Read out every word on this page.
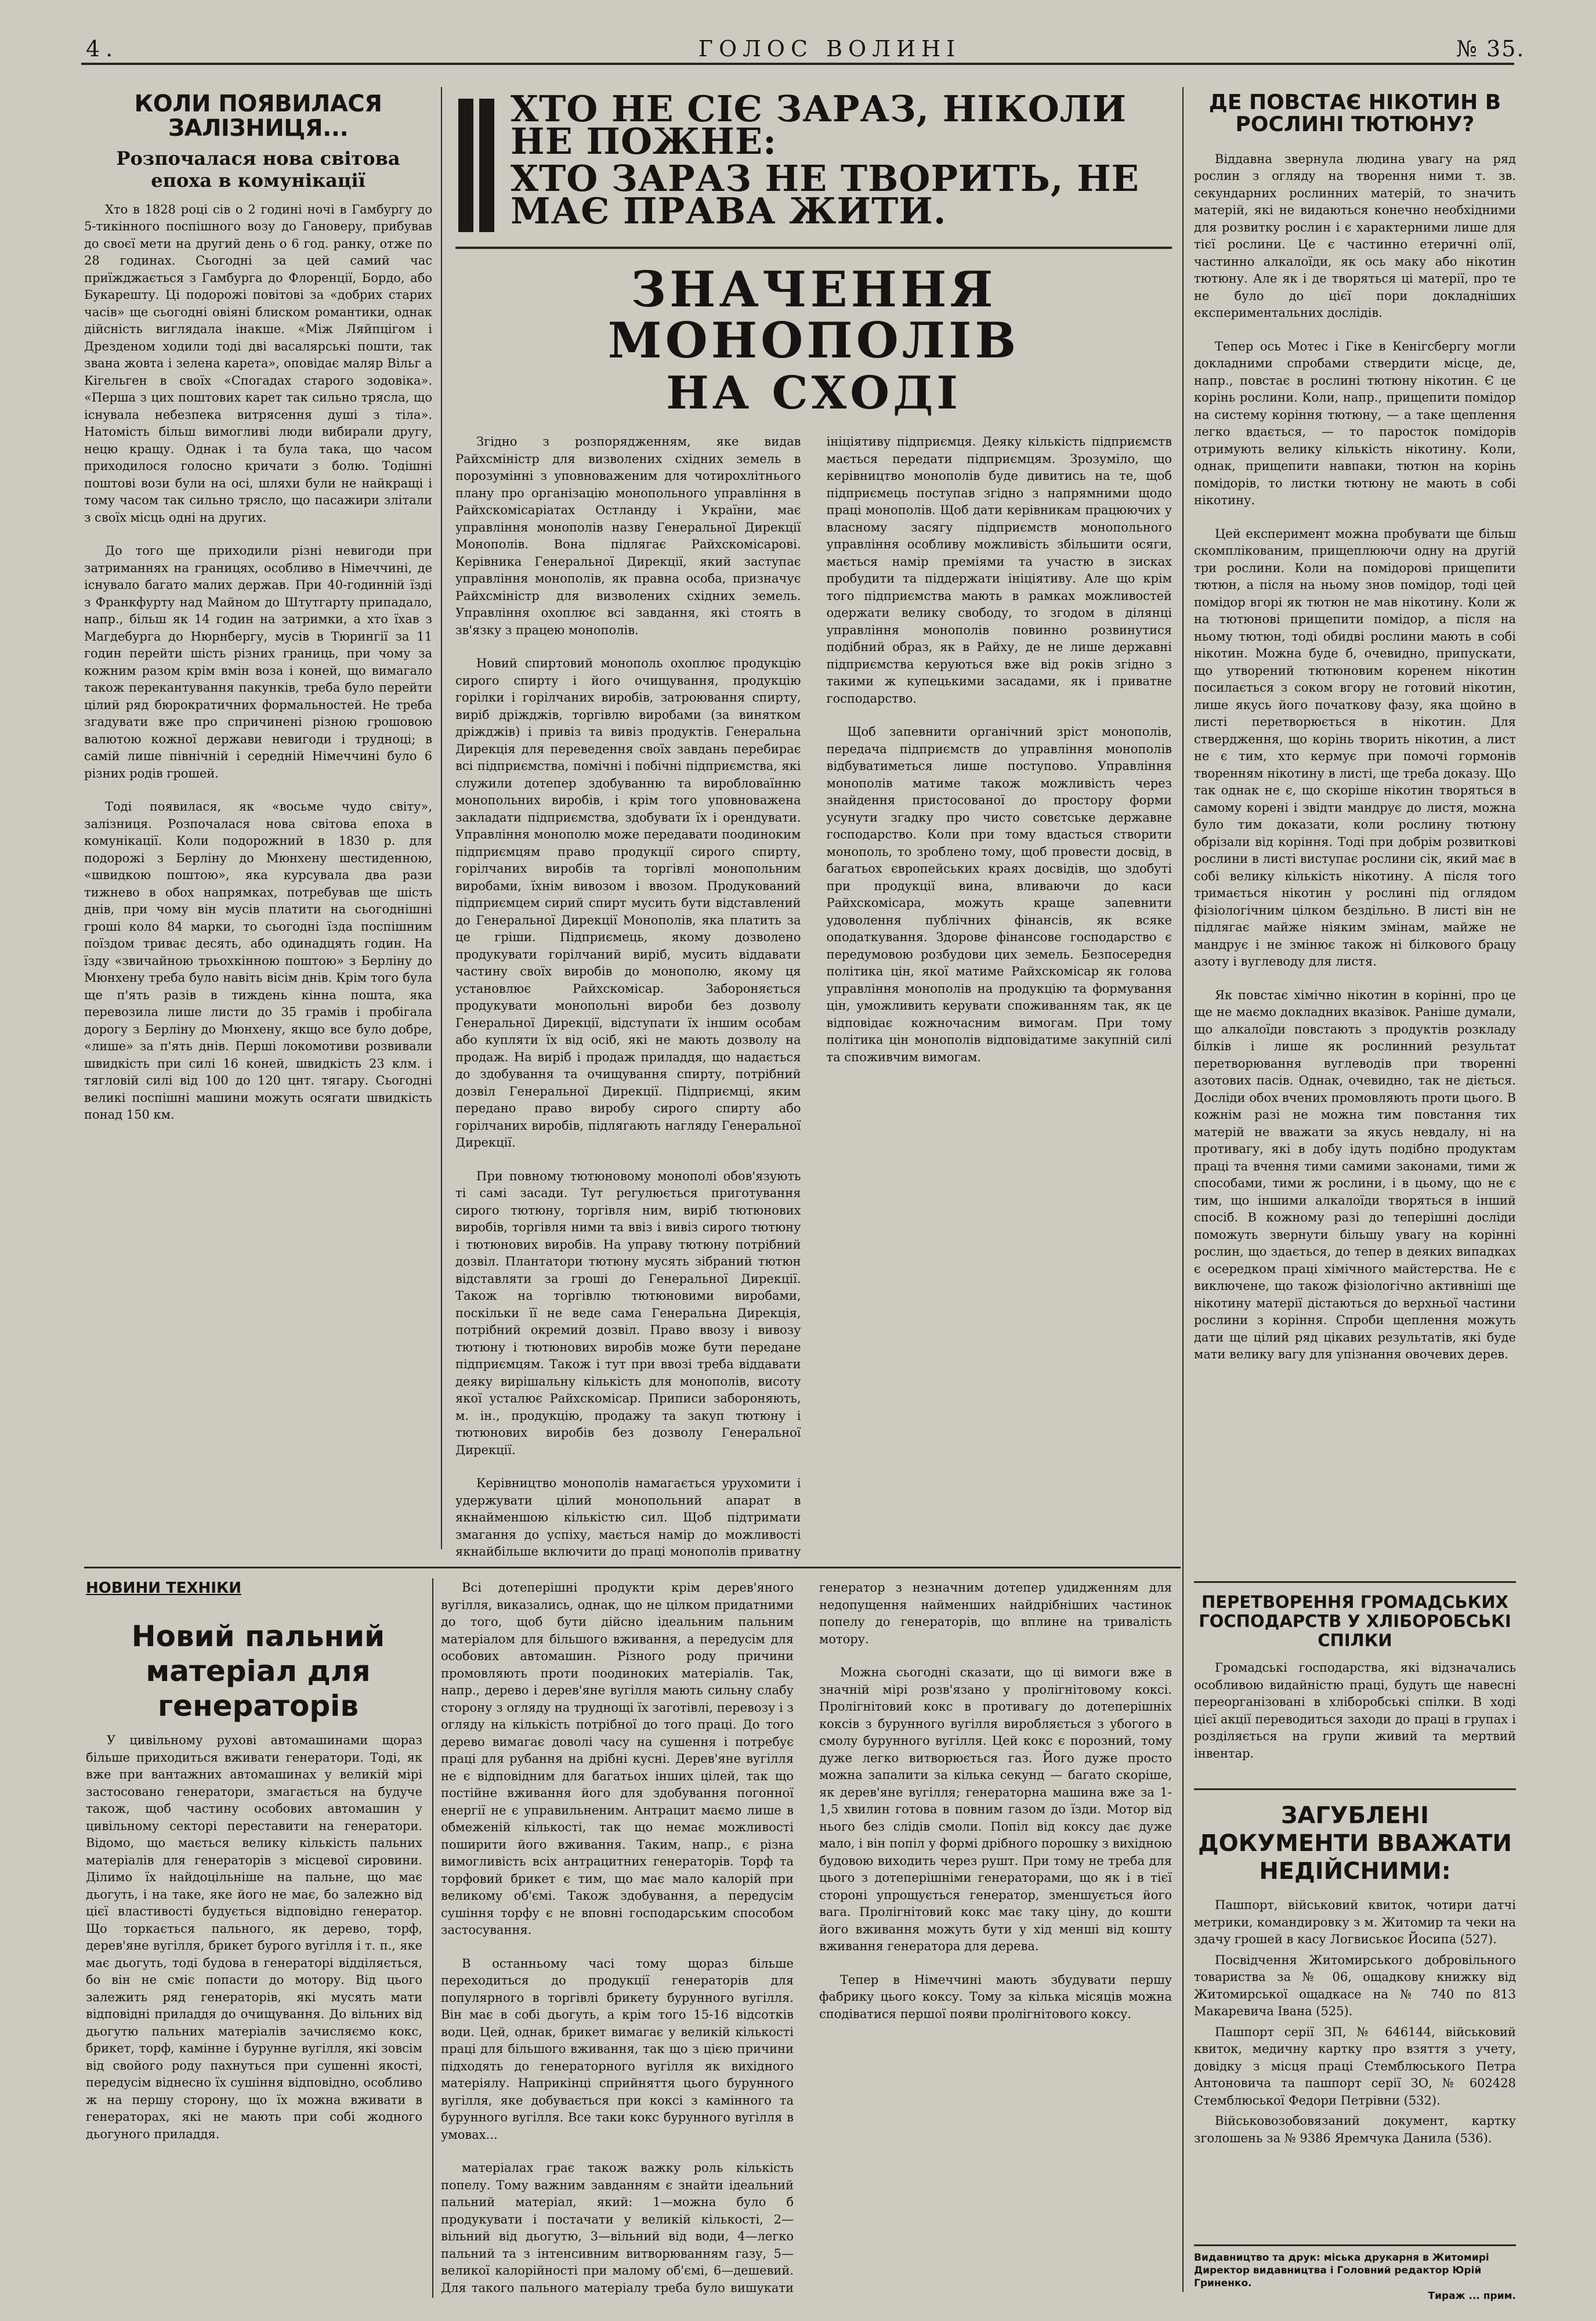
4.	ГОЛОС ВОЛИНІ	№ 35.
КОЛИ ПОЯВИЛАСЯ ЗАЛІЗНИЦЯ...
Розпочалася нова світова епоха в комунікації

Хто в 1828 році сів о 2 годині ночі в Гамбургу до 5-тикінного поспішного возу до Гановеру, прибував до своєї мети на другий день о 6 год. ранку, отже по 28 годинах. Сьогодні за цей самий час приїжджається з Гамбурга до Флоренції, Бордо, або Букарешту. Ці подорожі повітові за «добрих старих часів» ще сьогодні овіяні блиском романтики, однак дійсність виглядала інакше. «Між Ляйпцігом і Дрезденом ходили тоді дві васалярські пошти, так звана жовта і зелена карета», оповідає маляр Вільг а Кігельген в своїх «Спогадах старого зодовіка». «Перша з цих поштових карет так сильно трясла, що існувала небезпека витрясення душі з тіла». Натомість більш вимогливі люди вибирали другу, нецю кращу. Однак і та була така, що часом приходилося голосно кричати з болю. Тодішні поштові вози були на осі, шляхи були не найкращі і тому часом так сильно трясло, що пасажири злітали з своїх місць одні на других.

До того ще приходили різні невигоди при затриманнях на границях, особливо в Німеччині, де існувало багато малих держав. При 40-годинній їзді з Франкфурту над Майном до Штутгарту припадало, напр., більш як 14 годин на затримки, а хто їхав з Магдебурга до Нюрнбергу, мусів в Тюрингії за 11 годин перейти шість різних границь, при чому за кожним разом крім вмін воза і коней, що вимагало також перекантування пакунків, треба було перейти цілий ряд бюрократичних формальностей. Не треба згадувати вже про спричинені різною грошовою валютою кожної держави невигоди і трудноці; в самій лише північній і середній Німеччині було 6 різних родів грошей.

Тоді появилася, як «восьме чудо світу», залізниця. Розпочалася нова світова епоха в комунікації. Коли подорожний в 1830 р. для подорожі з Берліну до Мюнхену шестиденною, «швидкою поштою», яка курсувала два рази тижнево в обох напрямках, потребував ще шість днів, при чому він мусів платити на сьогоднішні гроші коло 84 марки, то сьогодні їзда поспішним поїздом триває десять, або одинадцять годин. На їзду «звичайною трьохкінною поштою» з Берліну до Мюнхену треба було навіть вісім днів. Крім того була ще п'ять разів в тиждень кінна пошта, яка перевозила лише листи до 35 грамів і пробігала дорогу з Берліну до Мюнхену, якщо все було добре, «лише» за п'ять днів. Перші локомотиви розвивали швидкість при силі 16 коней, швидкість 23 клм. і тягловій силі від 100 до 120 цнт. тягару. Сьогодні великі поспішні машини можуть осягати швидкість понад 150 км.

ХТО НЕ СІЄ ЗАРАЗ, НІКОЛИ НЕ ПОЖНЕ:
ХТО ЗАРАЗ НЕ ТВОРИТЬ, НЕ МАЄ ПРАВА ЖИТИ.
ЗНАЧЕННЯ МОНОПОЛІВ
НА СХОДІ

Згідно з розпорядженням, яке видав Райхсміністр для визволених східних земель в порозумінні з уповноваженим для чотирохлітнього плану про організацію монопольного управління в Райхскомісаріатах Остланду і України, має управління монополів назву Генеральної Дирекції Монополів. Вона підлягає Райхскомісарові. Керівника Генеральної Дирекції, який заступає управління монополів, як правна особа, призначує Райхсміністр для визволених східних земель. Управління охоплює всі завдання, які стоять в зв'язку з працею монополів.

Новий спиртовий монополь охоплює продукцію сирого спирту і його очищування, продукцію горілки і горілчаних виробів, затроювання спирту, виріб дріжджів, торгівлю виробами (за винятком дріжджів) і привіз та вивіз продуктів. Генеральна Дирекція для переведення своїх завдань перебирає всі підприємства, помічні і побічні підприємства, які служили дотепер здобуванню та виробловаїнню монопольних виробів, і крім того уповноважена закладати підприємства, здобувати їх і орендувати. Управління монополю може передавати поодиноким підприємцям право продукції сирого спирту, горілчаних виробів та торгівлі монопольним виробами, їхнім вивозом і ввозом. Продукований підприємцем сирий спирт мусить бути відставлений до Генеральної Дирекції Монополів, яка платить за це гріши. Підприємець, якому дозволено продукувати горілчаний виріб, мусить віддавати частину своїх виробів до монополю, якому ця установлює Райхскомісар. Забороняється продукувати монопольні вироби без дозволу Генеральної Дирекції, відступати їх іншим особам або купляти їх від осіб, які не мають дозволу на продаж. На виріб і продаж приладдя, що надається до здобування та очищування спирту, потрібний дозвіл Генеральної Дирекції. Підприємці, яким передано право виробу сирого спирту або горілчаних виробів, підлягають нагляду Генеральної Дирекції.

При повному тютюновому монополі обов'язують ті самі засади. Тут регулюється приготування сирого тютюну, торгівля ним, виріб тютюнових виробів, торгівля ними та ввіз і вивіз сирого тютюну і тютюнових виробів. На управу тютюну потрібний дозвіл. Плантатори тютюну мусять зібраний тютюн відставляти за гроші до Генеральної Дирекції. Також на торгівлю тютюновими виробами, поскільки її не веде сама Генеральна Дирекція, потрібний окремий дозвіл. Право ввозу і вивозу тютюну і тютюнових виробів може бути передане підприємцям. Також і тут при ввозі треба віддавати деяку вирішальну кількість для монополів, висоту якої усталює Райхскомісар. Приписи забороняють, м. ін., продукцію, продажу та закуп тютюну і тютюнових виробів без дозволу Генеральної Дирекції.

Керівництво монополів намагається урухомити і удержувати цілий монопольний апарат в якнайменшою кількістю сил. Щоб підтримати змагання до успіху, мається намір до можливості якнайбільше включити до праці монополів приватну ініціятиву підприємця. Деяку кількість підприємств мається передати підприємцям. Зрозуміло, що керівництво монополів буде дивитись на те, щоб підприємець поступав згідно з напрямними щодо праці монополів. Щоб дати керівникам працюючих у власному засягу підприємств монопольного управління особливу можливість збільшити осяги, мається намір преміями та участю в зисках пробудити та піддержати ініціятиву. Але що крім того підприємства мають в рамках можливостей одержати велику свободу, то згодом в ділянці управління монополів повинно розвинутися подібний образ, як в Райху, де не лише державні підприємства керуються вже від років згідно з такими ж купецькими засадами, як і приватне господарство.

Щоб запевнити органічний зріст монополів, передача підприємств до управління монополів відбуватиметься лише поступово. Управління монополів матиме також можливість через знайдення пристосованої до простору форми усунути згадку про чисто совєтське державне господарство. Коли при тому вдасться створити монополь, то зроблено тому, щоб провести досвід, в багатьох європейських краях досвідів, що здобуті при продукції вина, вливаючи до каси Райхскомісара, можуть краще запевнити удоволення публічних фінансів, як всяке оподаткування. Здорове фінансове господарство є передумовою розбудови цих земель. Безпосередня політика цін, якої матиме Райхскомісар як голова управління монополів на продукцію та формування цін, уможливить керувати споживанням так, як це відповідає кожночасним вимогам. При тому політика цін монополів відповідатиме закупній силі та споживчим вимогам.

ДЕ ПОВСТАЄ НІКОТИН В РОСЛИНІ ТЮТЮНУ?

Віддавна звернула людина увагу на ряд рослин з огляду на творення ними т. зв. секундарних рослинних матерій, то значить матерій, які не видаються конечно необхідними для розвитку рослин і є характерними лише для тієї рослини. Це є частинно етеричні олії, частинно алкалоїди, як ось маку або нікотин тютюну. Але як і де творяться ці матерії, про те не було до цієї пори докладніших експериментальних дослідів.

Тепер ось Мотес і Гіке в Кенігсбергу могли докладними спробами ствердити місце, де, напр., повстає в рослині тютюну нікотин. Є це корінь рослини. Коли, напр., прищепити помідор на систему коріння тютюну, — а таке щеплення легко вдається, — то паросток помідорів отримують велику кількість нікотину. Коли, однак, прищепити навпаки, тютюн на корінь помідорів, то листки тютюну не мають в собі нікотину.

Цей експеримент можна пробувати ще більш скомплікованим, прищеплюючи одну на другій три рослини. Коли на помідорові прищепити тютюн, а після на ньому знов помідор, тоді цей помідор вгорі як тютюн не мав нікотину. Коли ж на тютюнові прищепити помідор, а після на ньому тютюн, тоді обидві рослини мають в собі нікотин. Можна буде б, очевидно, припускати, що утворений тютюновим коренем нікотин посилається з соком вгору не готовий нікотин, лише якусь його початкову фазу, яка щойно в листі перетворюється в нікотин. Для ствердження, що корінь творить нікотин, а лист не є тим, хто кермує при помочі гормонів творенням нікотину в листі, ще треба доказу. Що так однак не є, що скоріше нікотин творяться в самому корені і звідти мандрує до листя, можна було тим доказати, коли рослину тютюну обрізали від коріння. Тоді при добрім розвиткові рослини в листі виступає рослини сік, який має в собі велику кількість нікотину. А після того тримається нікотин у рослині під оглядом фізіологічним цілком бездільно. В листі він не підлягає майже ніяким змінам, майже не мандрує і не змінює також ні білкового брацу азоту і вуглеводу для листя.

Як повстає хімічно нікотин в корінні, про це ще не маємо докладних вказівок. Раніше думали, що алкалоїди повстають з продуктів розкладу білків і лише як рослинний результат перетворювання вуглеводів при творенні азотових пасів. Однак, очевидно, так не діється. Досліди обох вчених промовляють проти цього. В кожнім разі не можна тим повстання тих матерій не вважати за якусь невдалу, ні на противагу, які в добу ідуть подібно продуктам праці та вчення тими самими законами, тими ж способами, тими ж рослини, і в цьому, що не є тим, що іншими алкалоїди творяться в інший спосіб. В кожному разі до теперішні досліди поможуть звернути більшу увагу на корінні рослин, що здається, до тепер в деяких випадках є осередком праці хімічного майстерства. Не є виключене, що також фізіологічно активніші ще нікотину матерії дістаються до верхньої частини рослини з коріння. Спроби щеплення можуть дати ще цілий ряд цікавих результатів, які буде мати велику вагу для упізнання овочевих дерев.

НОВИНИ ТЕХНІКИ
Новий пальний матеріал для генераторів

У цивільному рухові автомашинами щораз більше приходиться вживати генератори. Тоді, як вже при вантажних автомашинах у великій мірі застосовано генератори, змагається на будуче також, щоб частину особових автомашин у цивільному секторі переставити на генератори. Відомо, що мається велику кількість пальних матеріалів для генераторів з місцевої сировини. Ділимо їх найдоцільніше на пальне, що має дьогуть, і на таке, яке його не має, бо залежно від цієї властивості будується відповідно генератор. Що торкається пального, як дерево, торф, дерев'яне вугілля, брикет бурого вугілля і т. п., яке має дьогуть, тоді будова в генераторі відділяється, бо він не сміє попасти до мотору. Від цього залежить ряд генераторів, які мусять мати відповідні приладдя до очищування. До вільних від дьогутю пальних матеріалів зачисляємо кокс, брикет, торф, камінне і бурунне вугілля, які зовсім від свойого роду пахнуться при сушенні якості, передусім віднесно їх сушіння відповідно, особливо ж на першу сторону, що їх можна вживати в генераторах, які не мають при собі жодного дьогуного приладдя.

Всі дотеперішні продукти крім дерев'яного вугілля, виказались, однак, що не цілком придатними до того, щоб бути дійсно ідеальним пальним матеріалом для більшого вживання, а передусім для особових автомашин. Різного роду причини промовляють проти поодиноких матеріалів. Так, напр., дерево і дерев'яне вугілля мають сильну слабу сторону з огляду на труднощі їх заготівлі, перевозу і з огляду на кількість потрібної до того праці. До того дерево вимагає доволі часу на сушення і потребує праці для рубання на дрібні кусні. Дерев'яне вугілля не є відповідним для багатьох інших цілей, так що постійне вживання його для здобування погонної енергії не є управильненим. Антрацит маємо лише в обмеженій кількості, так що немає можливості поширити його вживання. Таким, напр., є різна вимогливість всіх антрацитних генераторів. Торф та торфовий брикет є тим, що має мало калорій при великому об'ємі. Також здобування, а передусім сушіння торфу є не вповні господарським способом застосування.

В останньому часі тому щораз більше переходиться до продукції генераторів для популярного в торгівлі брикету бурунного вугілля. Він має в собі дьогуть, а крім того 15-16 відсотків води. Цей, однак, брикет вимагає у великій кількості праці для більшого вживання, так що з цією причини підходять до генераторного вугілля як вихідного матеріялу. Наприкінці сприйняття цього бурунного вугілля, яке добувається при коксі з камінного та бурунного вугілля. Все таки кокс бурунного вугілля в умовах...

матеріалах грає також важку роль кількість попелу. Тому важним завданням є знайти ідеальний пальний матеріал, який: 1—можна було б продукувати і постачати у великій кількості, 2—вільний від дьогутю, 3—вільний від води, 4—легко пальний та з інтенсивним витворюванням газу, 5—великої калорійності при малому об'ємі, 6—дешевий. Для такого пального матеріалу треба було вишукати генератор з незначним дотепер удидженням для недопущення найменших найдрібніших частинок попелу до генераторів, що вплине на тривалість мотору.

Можна сьогодні сказати, що ці вимоги вже в значній мірі розв'язано у пролігнітовому коксі. Пролігнітовий кокс в противагу до дотеперішніх коксів з бурунного вугілля виробляється з убогого в смолу бурунного вугілля. Цей кокс є порозний, тому дуже легко витворюється газ. Його дуже просто можна запалити за кілька секунд — багато скоріше, як дерев'яне вугілля; генераторна машина вже за 1-1,5 хвилин готова в повним газом до їзди. Мотор від нього без слідів смоли. Попіл від коксу дає дуже мало, і він попіл у формі дрібного порошку з вихідною будовою виходить через рушт. При тому не треба для цього з дотеперішніми генераторами, що як і в тієї стороні упрощується генератор, зменшується його вага. Пролігнітовий кокс має таку ціну, до кошти його вживання можуть бути у хід менші від кошту вживання генератора для дерева.

Тепер в Німеччині мають збудувати першу фабрику цього коксу. Тому за кілька місяців можна сподіватися першої появи пролігнітового коксу.

ПЕРЕТВОРЕННЯ ГРОМАДСЬКИХ ГОСПОДАРСТВ У ХЛІБОРОБСЬКІ СПІЛКИ

Громадські господарства, які відзначались особливою видайністю праці, будуть ще навесні переорганізовані в хліборобські спілки. В ході цієї акції переводиться заходи до праці в групах і розділяється на групи живий та мертвий інвентар.

ЗАГУБЛЕНІ ДОКУМЕНТИ ВВАЖАТИ НЕДІЙСНИМИ:

Пашпорт, військовий квиток, чотири датчі метрики, командировку з м. Житомир та чеки на здачу грошей в касу Логвиськоє Йосипа (527).

Посвідчення Житомирського добровільного товариства за № 06, ощадкову книжку від Житомирської ощадкасе на № 740 по 813 Макаревича Івана (525).

Пашпорт серії ЗП, № 646144, військовий квиток, медичну картку про взяття з учету, довідку з місця праці Стемблюського Петра Антоновича та пашпорт серії ЗО, № 602428 Стемблюської Федори Петрівни (532).

Військовозобовязаний документ, картку зголошень за № 9386 Яремчука Данила (536).

Видавництво та друк: міська друкарня в Житомирі
Директор видавництва і Головний редактор Юрій Гриненко.
Тираж ... прим.
